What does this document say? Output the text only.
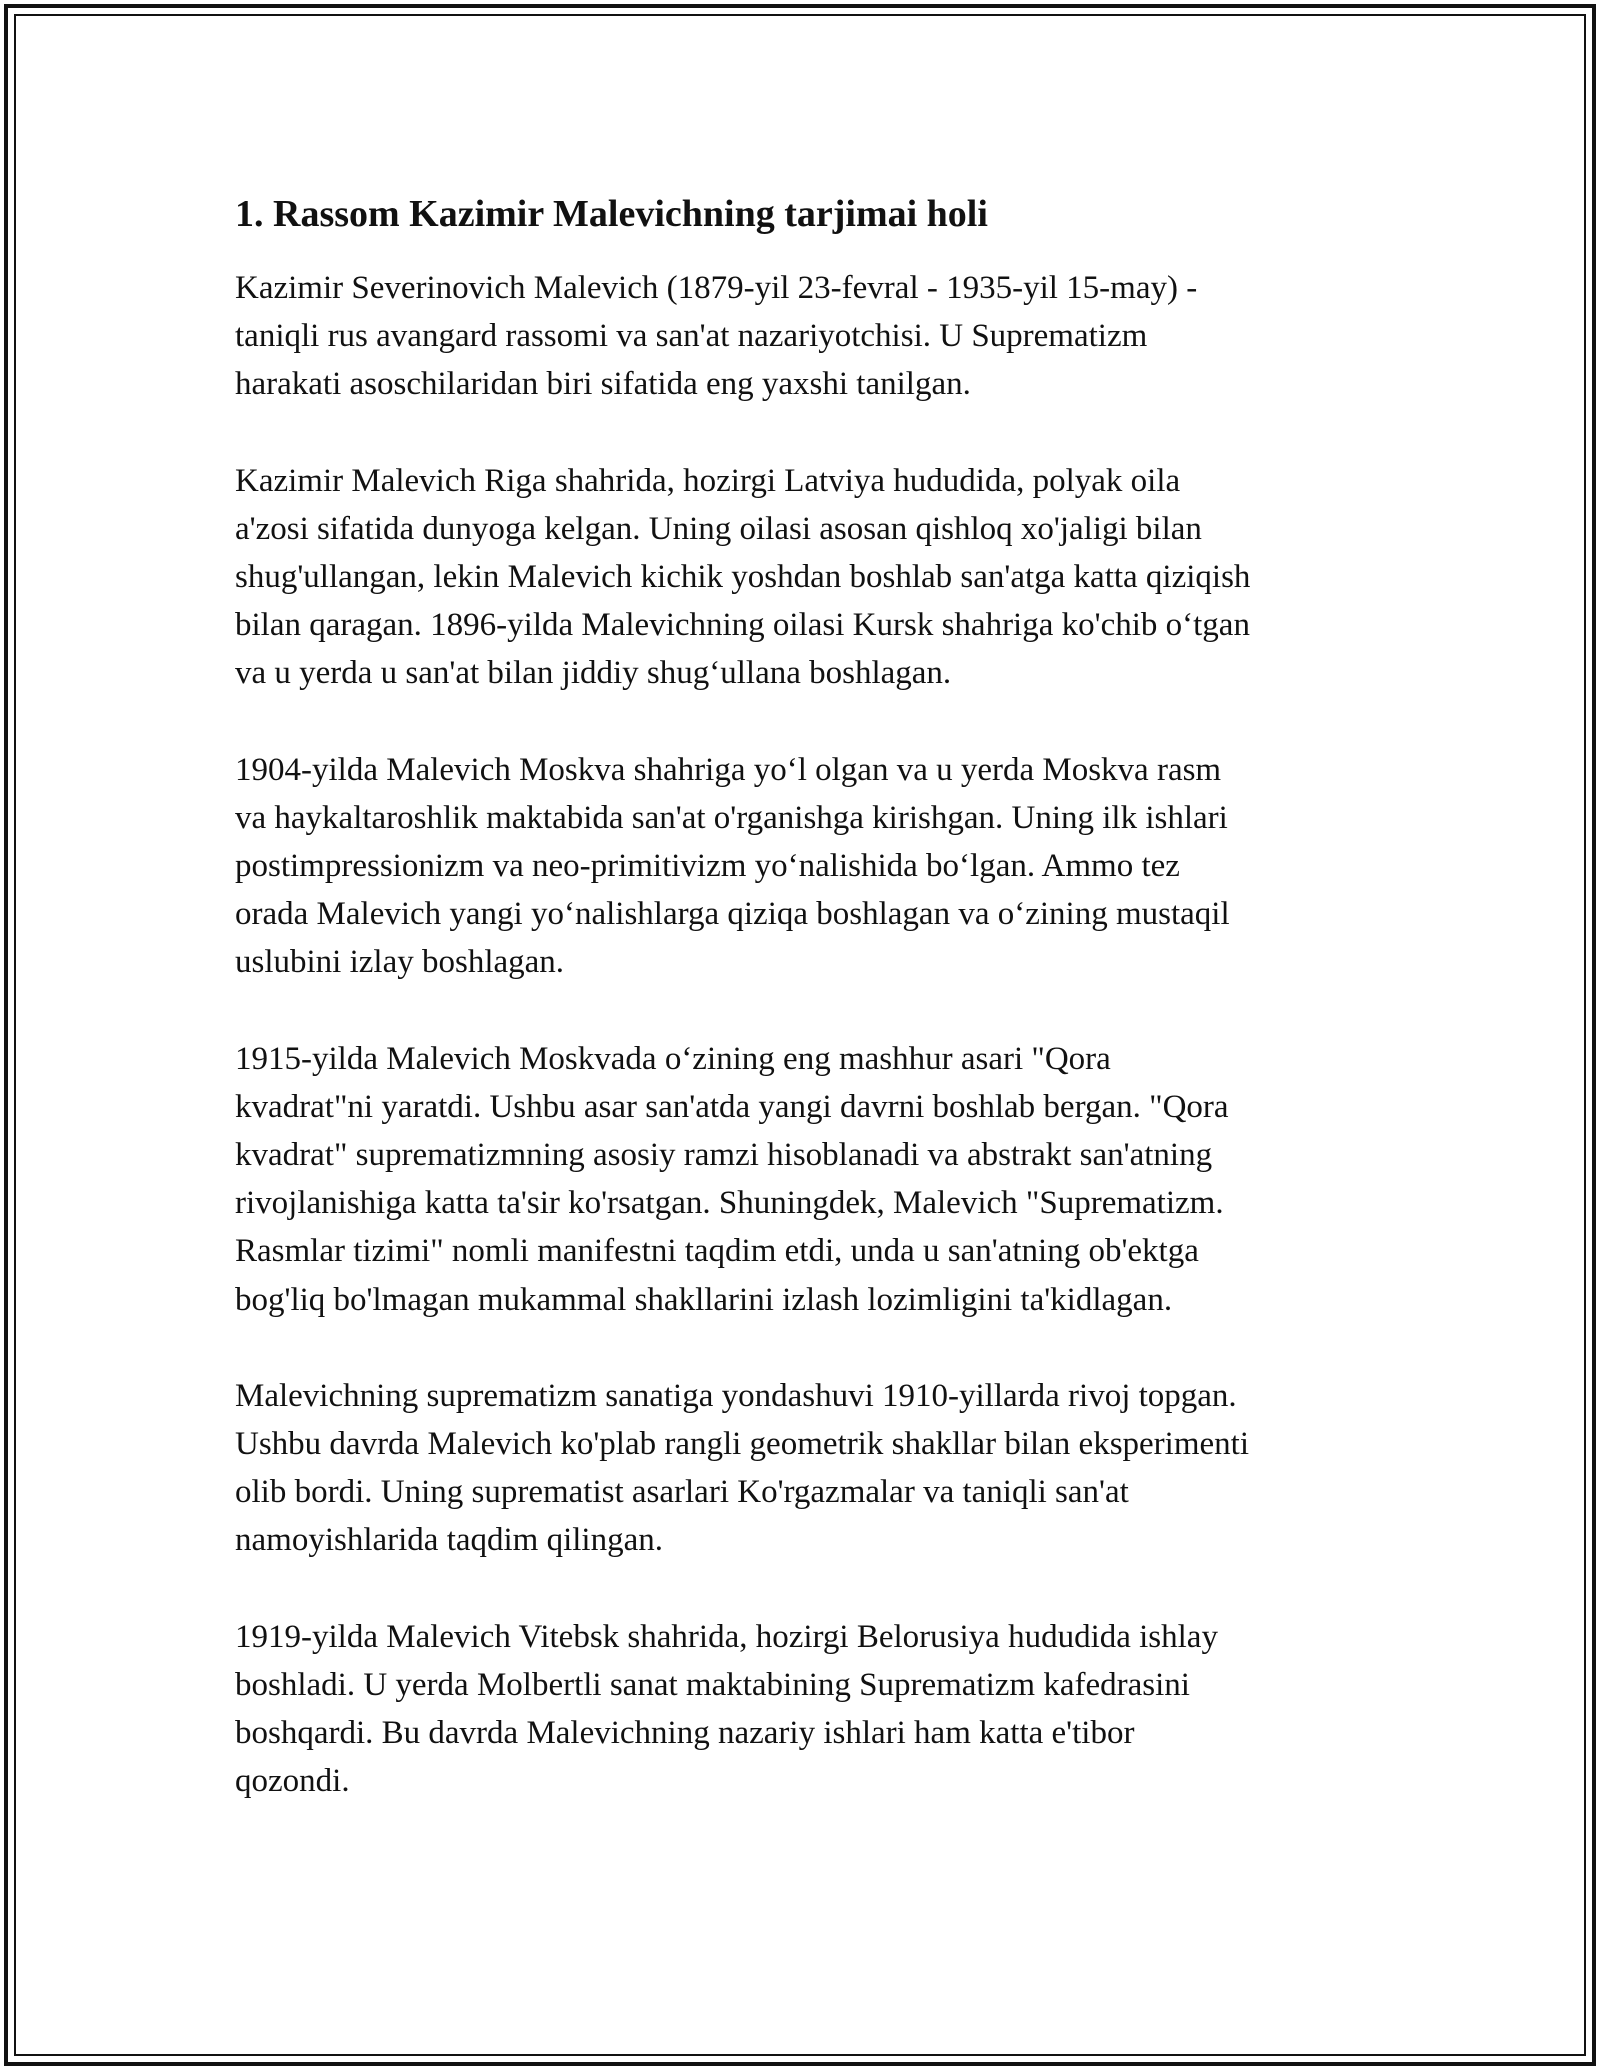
1. Rassom Kazimir Malevichning tarjimai holi

Kazimir Severinovich Malevich (1879-yil 23-fevral - 1935-yil 15-may) -
taniqli rus avangard rassomi va san'at nazariyotchisi. U Suprematizm
harakati asoschilaridan biri sifatida eng yaxshi tanilgan.

Kazimir Malevich Riga shahrida, hozirgi Latviya hududida, polyak oila
a'zosi sifatida dunyoga kelgan. Uning oilasi asosan qishloq xo'jaligi bilan
shug'ullangan, lekin Malevich kichik yoshdan boshlab san'atga katta qiziqish
bilan qaragan. 1896-yilda Malevichning oilasi Kursk shahriga ko'chib o‘tgan
va u yerda u san'at bilan jiddiy shug‘ullana boshlagan.

1904-yilda Malevich Moskva shahriga yo‘l olgan va u yerda Moskva rasm
va haykaltaroshlik maktabida san'at o'rganishga kirishgan. Uning ilk ishlari
postimpressionizm va neo-primitivizm yo‘nalishida bo‘lgan. Ammo tez
orada Malevich yangi yo‘nalishlarga qiziqa boshlagan va o‘zining mustaqil
uslubini izlay boshlagan.

1915-yilda Malevich Moskvada o‘zining eng mashhur asari "Qora
kvadrat"ni yaratdi. Ushbu asar san'atda yangi davrni boshlab bergan. "Qora
kvadrat" suprematizmning asosiy ramzi hisoblanadi va abstrakt san'atning
rivojlanishiga katta ta'sir ko'rsatgan. Shuningdek, Malevich "Suprematizm.
Rasmlar tizimi" nomli manifestni taqdim etdi, unda u san'atning ob'ektga
bog'liq bo'lmagan mukammal shakllarini izlash lozimligini ta'kidlagan.

Malevichning suprematizm sanatiga yondashuvi 1910-yillarda rivoj topgan.
Ushbu davrda Malevich ko'plab rangli geometrik shakllar bilan eksperimenti
olib bordi. Uning suprematist asarlari Ko'rgazmalar va taniqli san'at
namoyishlarida taqdim qilingan.

1919-yilda Malevich Vitebsk shahrida, hozirgi Belorusiya hududida ishlay
boshladi. U yerda Molbertli sanat maktabining Suprematizm kafedrasini
boshqardi. Bu davrda Malevichning nazariy ishlari ham katta e'tibor
qozondi.
